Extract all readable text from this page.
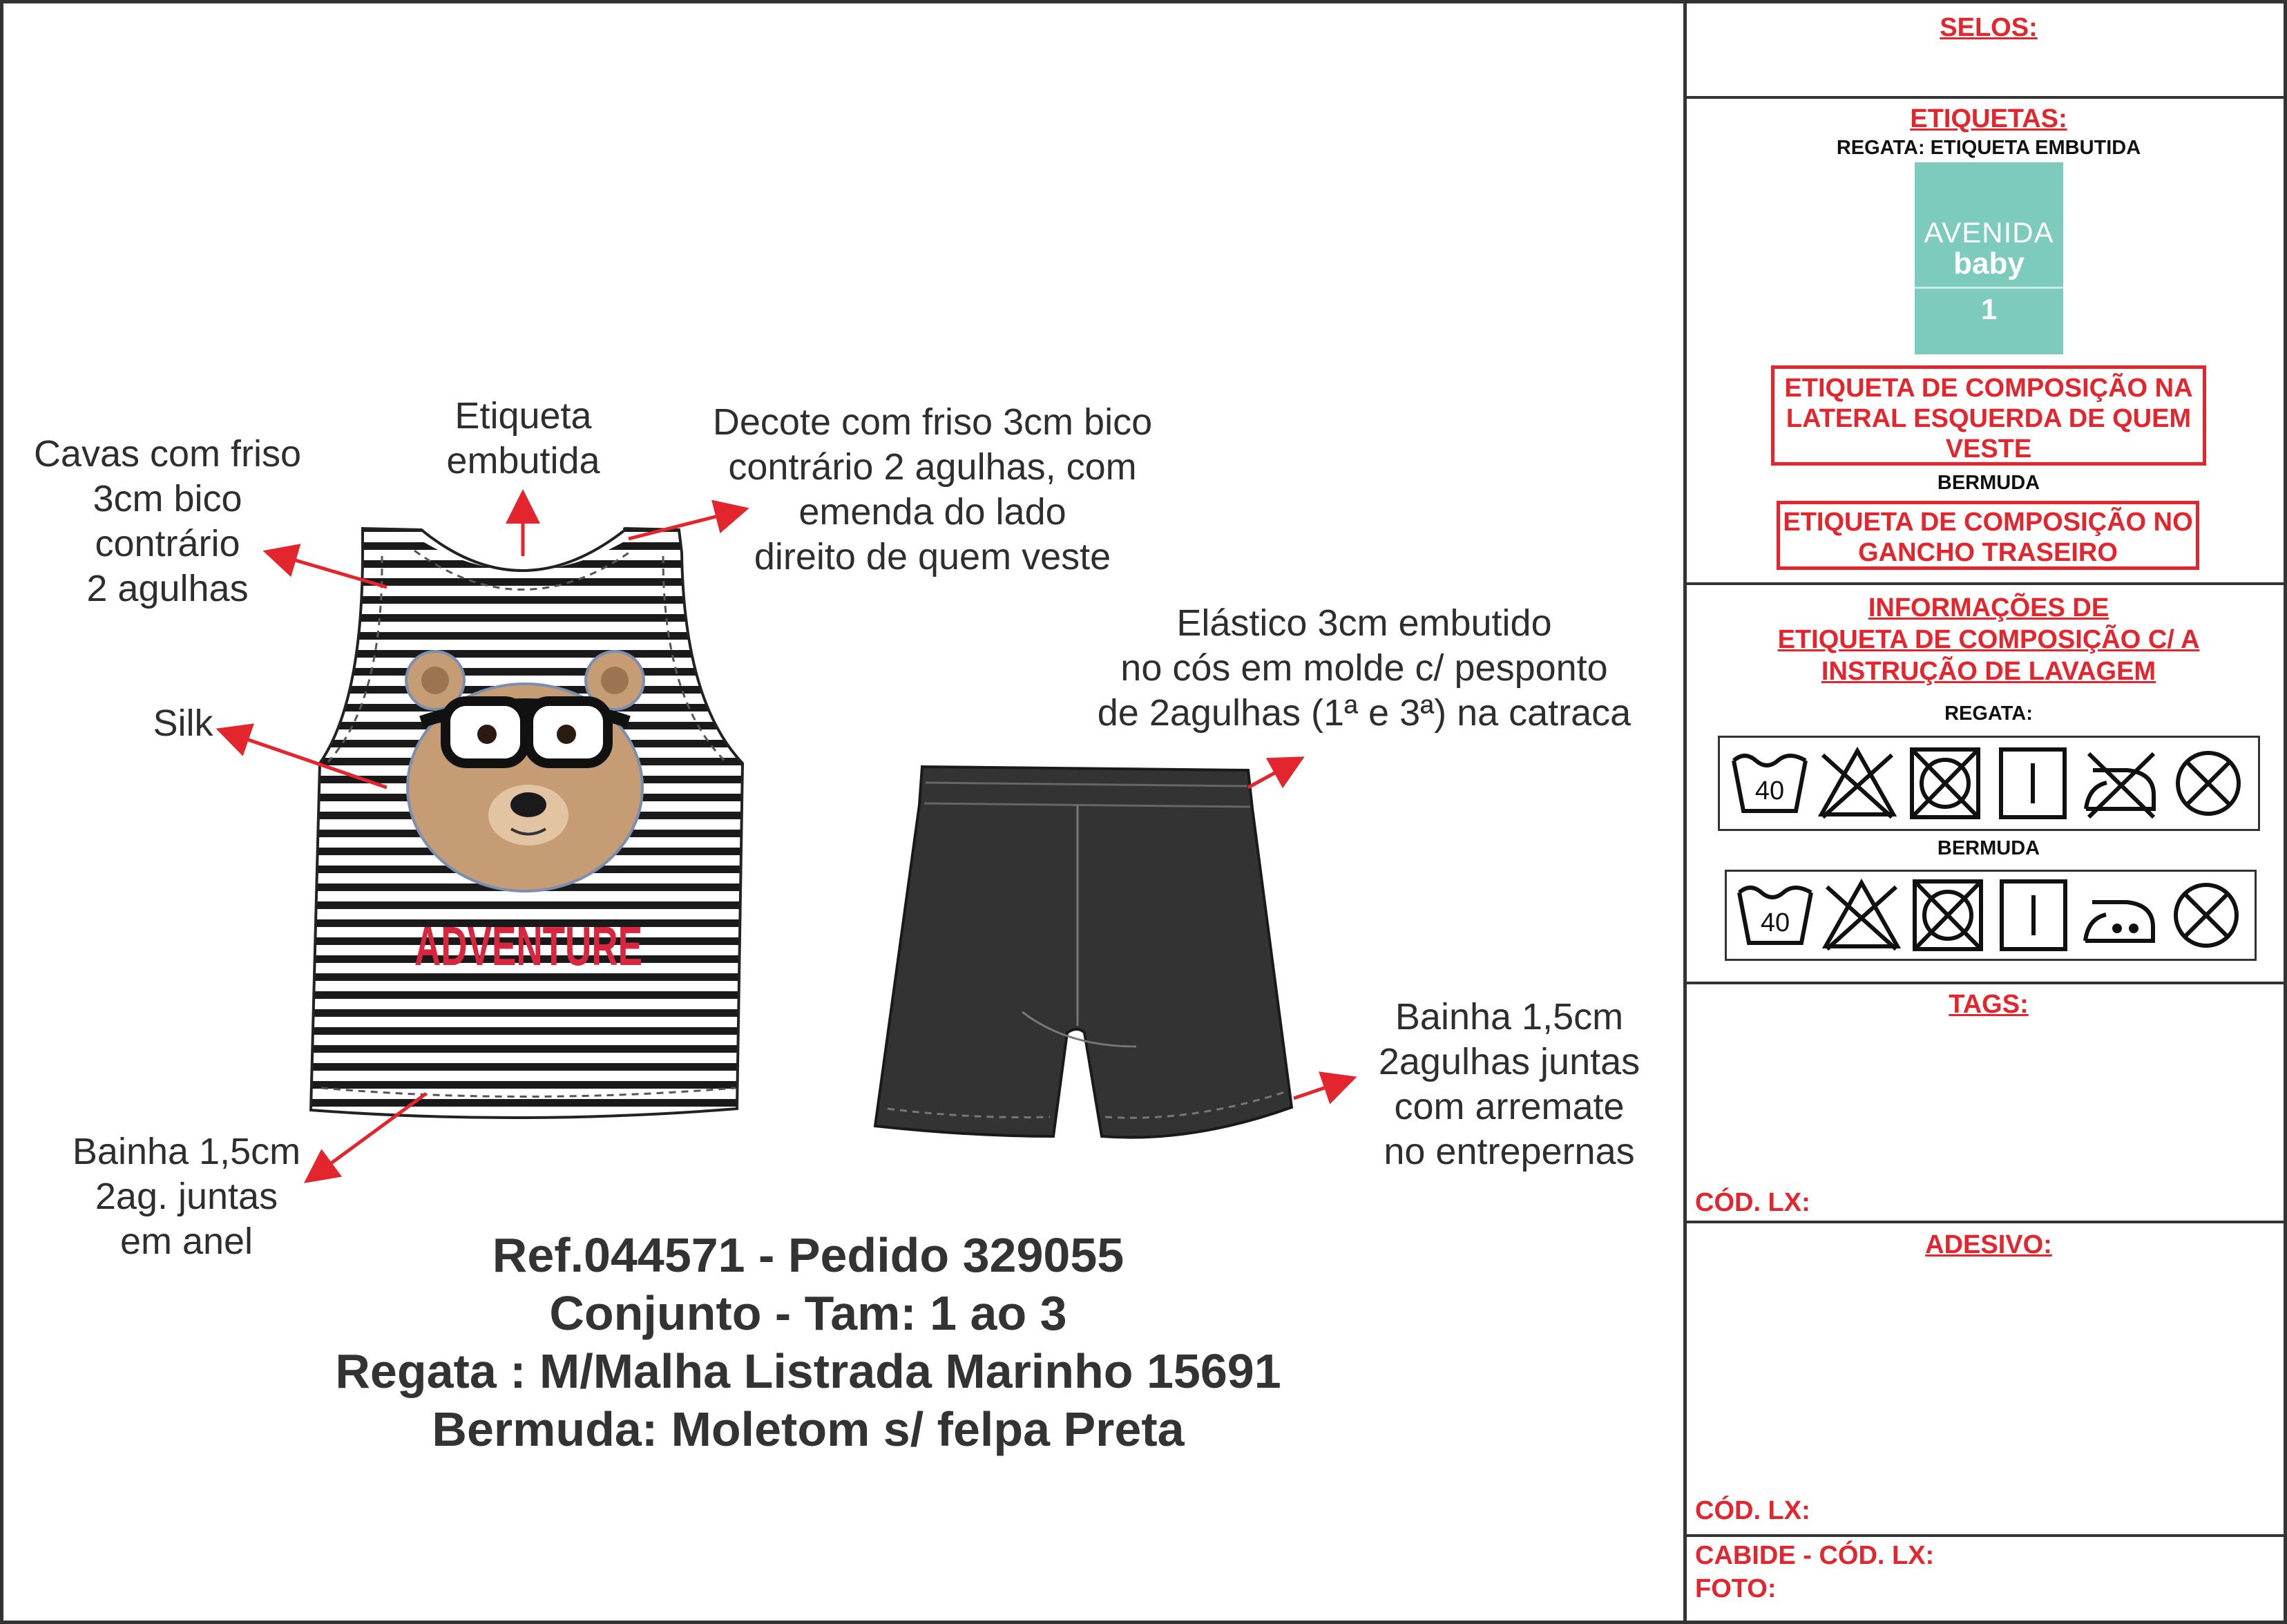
ADVENTURE
Cavas com friso
3cm bico
contrário
2 agulhas
Etiqueta
embutida
Decote com friso 3cm bico
contrário 2 agulhas, com
emenda do lado
direito de quem veste
Silk
Bainha 1,5cm
2ag. juntas
em anel
Elástico 3cm embutido
no cós em molde c/ pesponto
de 2agulhas (1ª e 3ª) na catraca
Bainha 1,5cm
2agulhas juntas
com arremate
no entrepernas
Ref.044571 - Pedido 329055
Conjunto - Tam: 1 ao 3
Regata : M/Malha Listrada Marinho 15691
Bermuda: Moletom s/ felpa Preta
SELOS:
ETIQUETAS:
REGATA: ETIQUETA EMBUTIDA
AVENIDA
baby
1
ETIQUETA DE COMPOSIÇÃO NA
LATERAL ESQUERDA DE QUEM
VESTE
BERMUDA
ETIQUETA DE COMPOSIÇÃO NO
GANCHO TRASEIRO
INFORMAÇÕES DE
ETIQUETA DE COMPOSIÇÃO C/ A
INSTRUÇÃO DE LAVAGEM
REGATA:
40
BERMUDA
40
TAGS:
CÓD. LX:
ADESIVO:
CÓD. LX:
CABIDE - CÓD. LX:
FOTO:
